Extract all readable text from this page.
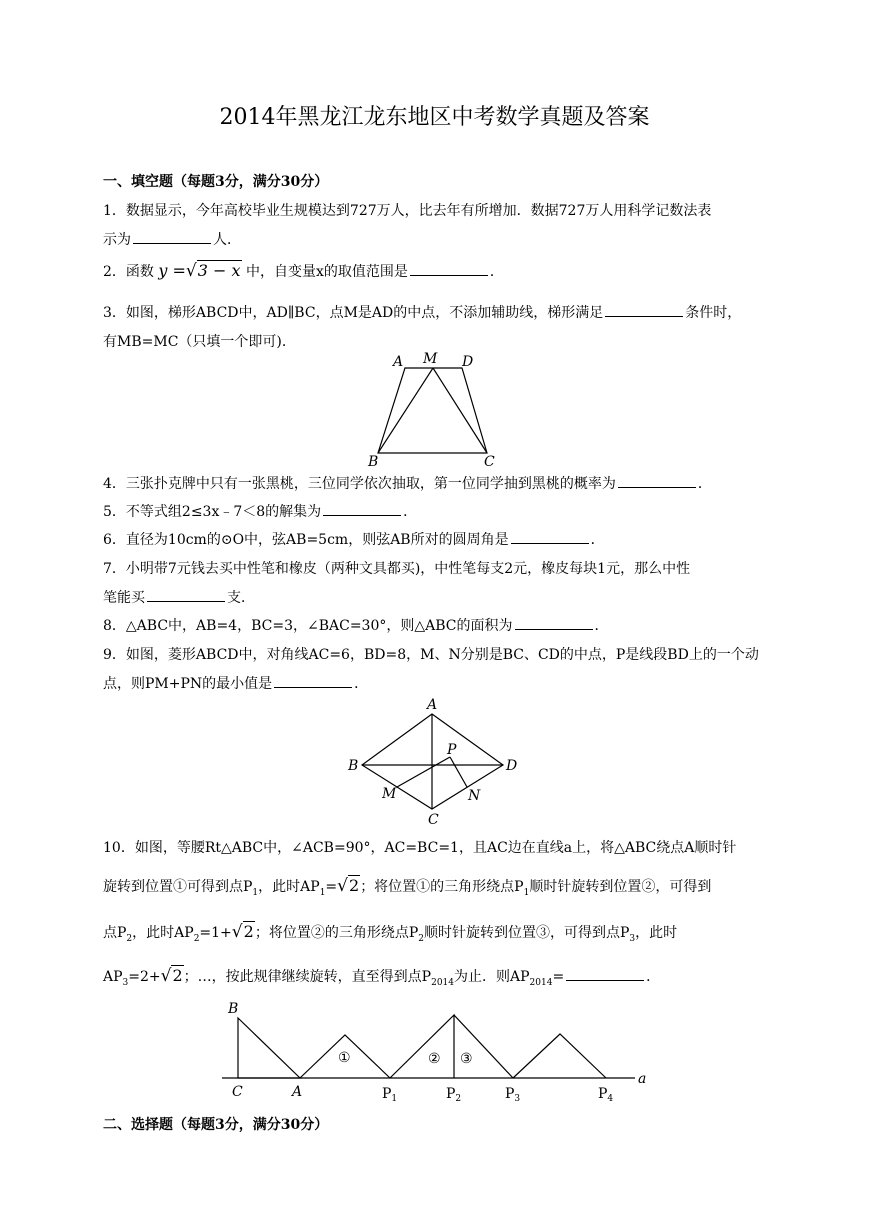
2014年黑龙江龙东地区中考数学真题及答案
一、填空题（每题3分，满分30分）
1．数据显示，今年高校毕业生规模达到727万人，比去年有所增加．数据727万人用科学记数法表
示为	人．
2．函数 y =√3 − x 中，自变量x的取值范围是	．
3．如图，梯形ABCD中，AD∥BC，点M是AD的中点，不添加辅助线，梯形满足	条件时，
有MB=MC（只填一个即可)．
A M D
B	C
4．三张扑克牌中只有一张黑桃，三位同学依次抽取，第一位同学抽到黑桃的概率为	．
5．不等式组2≤3x﹣7＜8的解集为	．
6．直径为10cm的⊙O中，弦AB=5cm，则弦AB所对的圆周角是	．
7．小明带7元钱去买中性笔和橡皮（两种文具都买)，中性笔每支2元，橡皮每块1元，那么中性
笔能买	支．
8．△ABC中，AB=4，BC=3，∠BAC=30°，则△ABC的面积为	．
9．如图，菱形ABCD中，对角线AC=6，BD=8，M、N分别是BC、CD的中点，P是线段BD上的一个动
点，则PM+PN的最小值是	．
A
B	D
C
P
M	N
10．如图，等腰Rt△ABC中，∠ACB=90°，AC=BC=1，且AC边在直线a上，将△ABC绕点A顺时针
旋转到位置①可得到点$P_1$，此时$AP_1=√2$；将位置①的三角形绕点$P_1$顺时针旋转到位置②，可得到
点$P_2$，此时$AP_2=1+√2$；将位置②的三角形绕点$P_2$顺时针旋转到位置③，可得到点$P_3$，此时
$AP_3=2+√2$；…，按此规律继续旋转，直至得到点$P_{2014}$为止．则$AP_{2014}=$	．
B
C	A
①	② ③
$P_1$	$P_2$	$P_3$	$P_4$
a
二、选择题（每题3分，满分30分）
